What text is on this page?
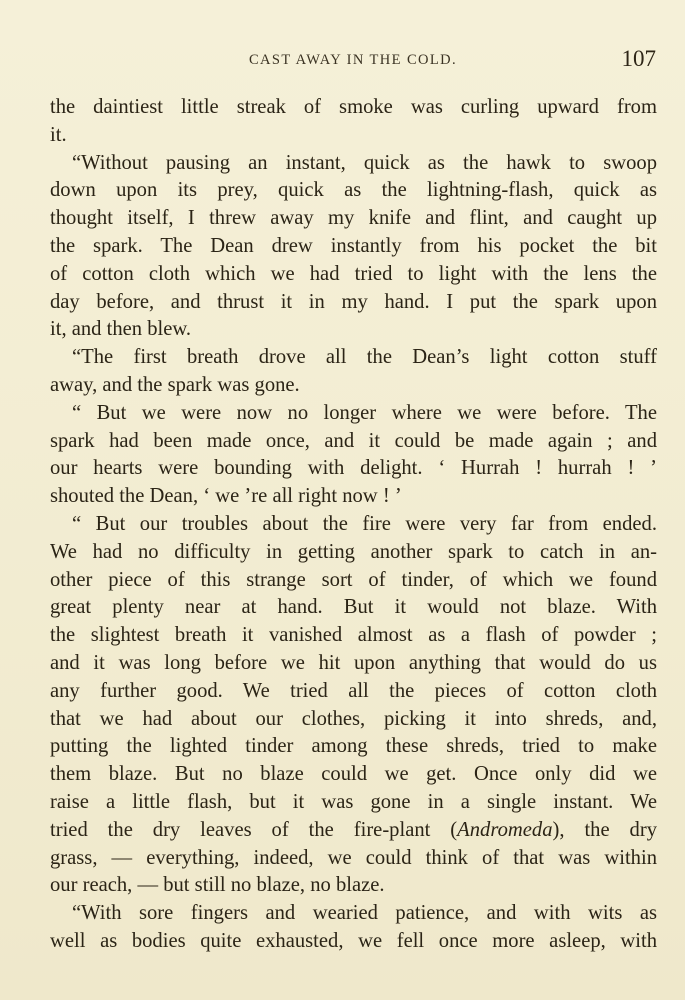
CAST AWAY IN THE COLD.	107
the daintiest little streak of smoke was curling upward from
it.
“Without pausing an instant, quick as the hawk to swoop
down upon its prey, quick as the lightning-flash, quick as
thought itself, I threw away my knife and flint, and caught up
the spark. The Dean drew instantly from his pocket the bit
of cotton cloth which we had tried to light with the lens the
day before, and thrust it in my hand. I put the spark upon
it, and then blew.
“The first breath drove all the Dean’s light cotton stuff
away, and the spark was gone.
“ But we were now no longer where we were before. The
spark had been made once, and it could be made again ; and
our hearts were bounding with delight. ‘ Hurrah ! hurrah ! ’
shouted the Dean, ‘ we ’re all right now ! ’
“ But our troubles about the fire were very far from ended.
We had no difficulty in getting another spark to catch in an-
other piece of this strange sort of tinder, of which we found
great plenty near at hand. But it would not blaze. With
the slightest breath it vanished almost as a flash of powder ;
and it was long before we hit upon anything that would do us
any further good. We tried all the pieces of cotton cloth
that we had about our clothes, picking it into shreds, and,
putting the lighted tinder among these shreds, tried to make
them blaze. But no blaze could we get. Once only did we
raise a little flash, but it was gone in a single instant. We
tried the dry leaves of the fire-plant (Andromeda), the dry
grass, — everything, indeed, we could think of that was within
our reach, — but still no blaze, no blaze.
“With sore fingers and wearied patience, and with wits as
well as bodies quite exhausted, we fell once more asleep, with
